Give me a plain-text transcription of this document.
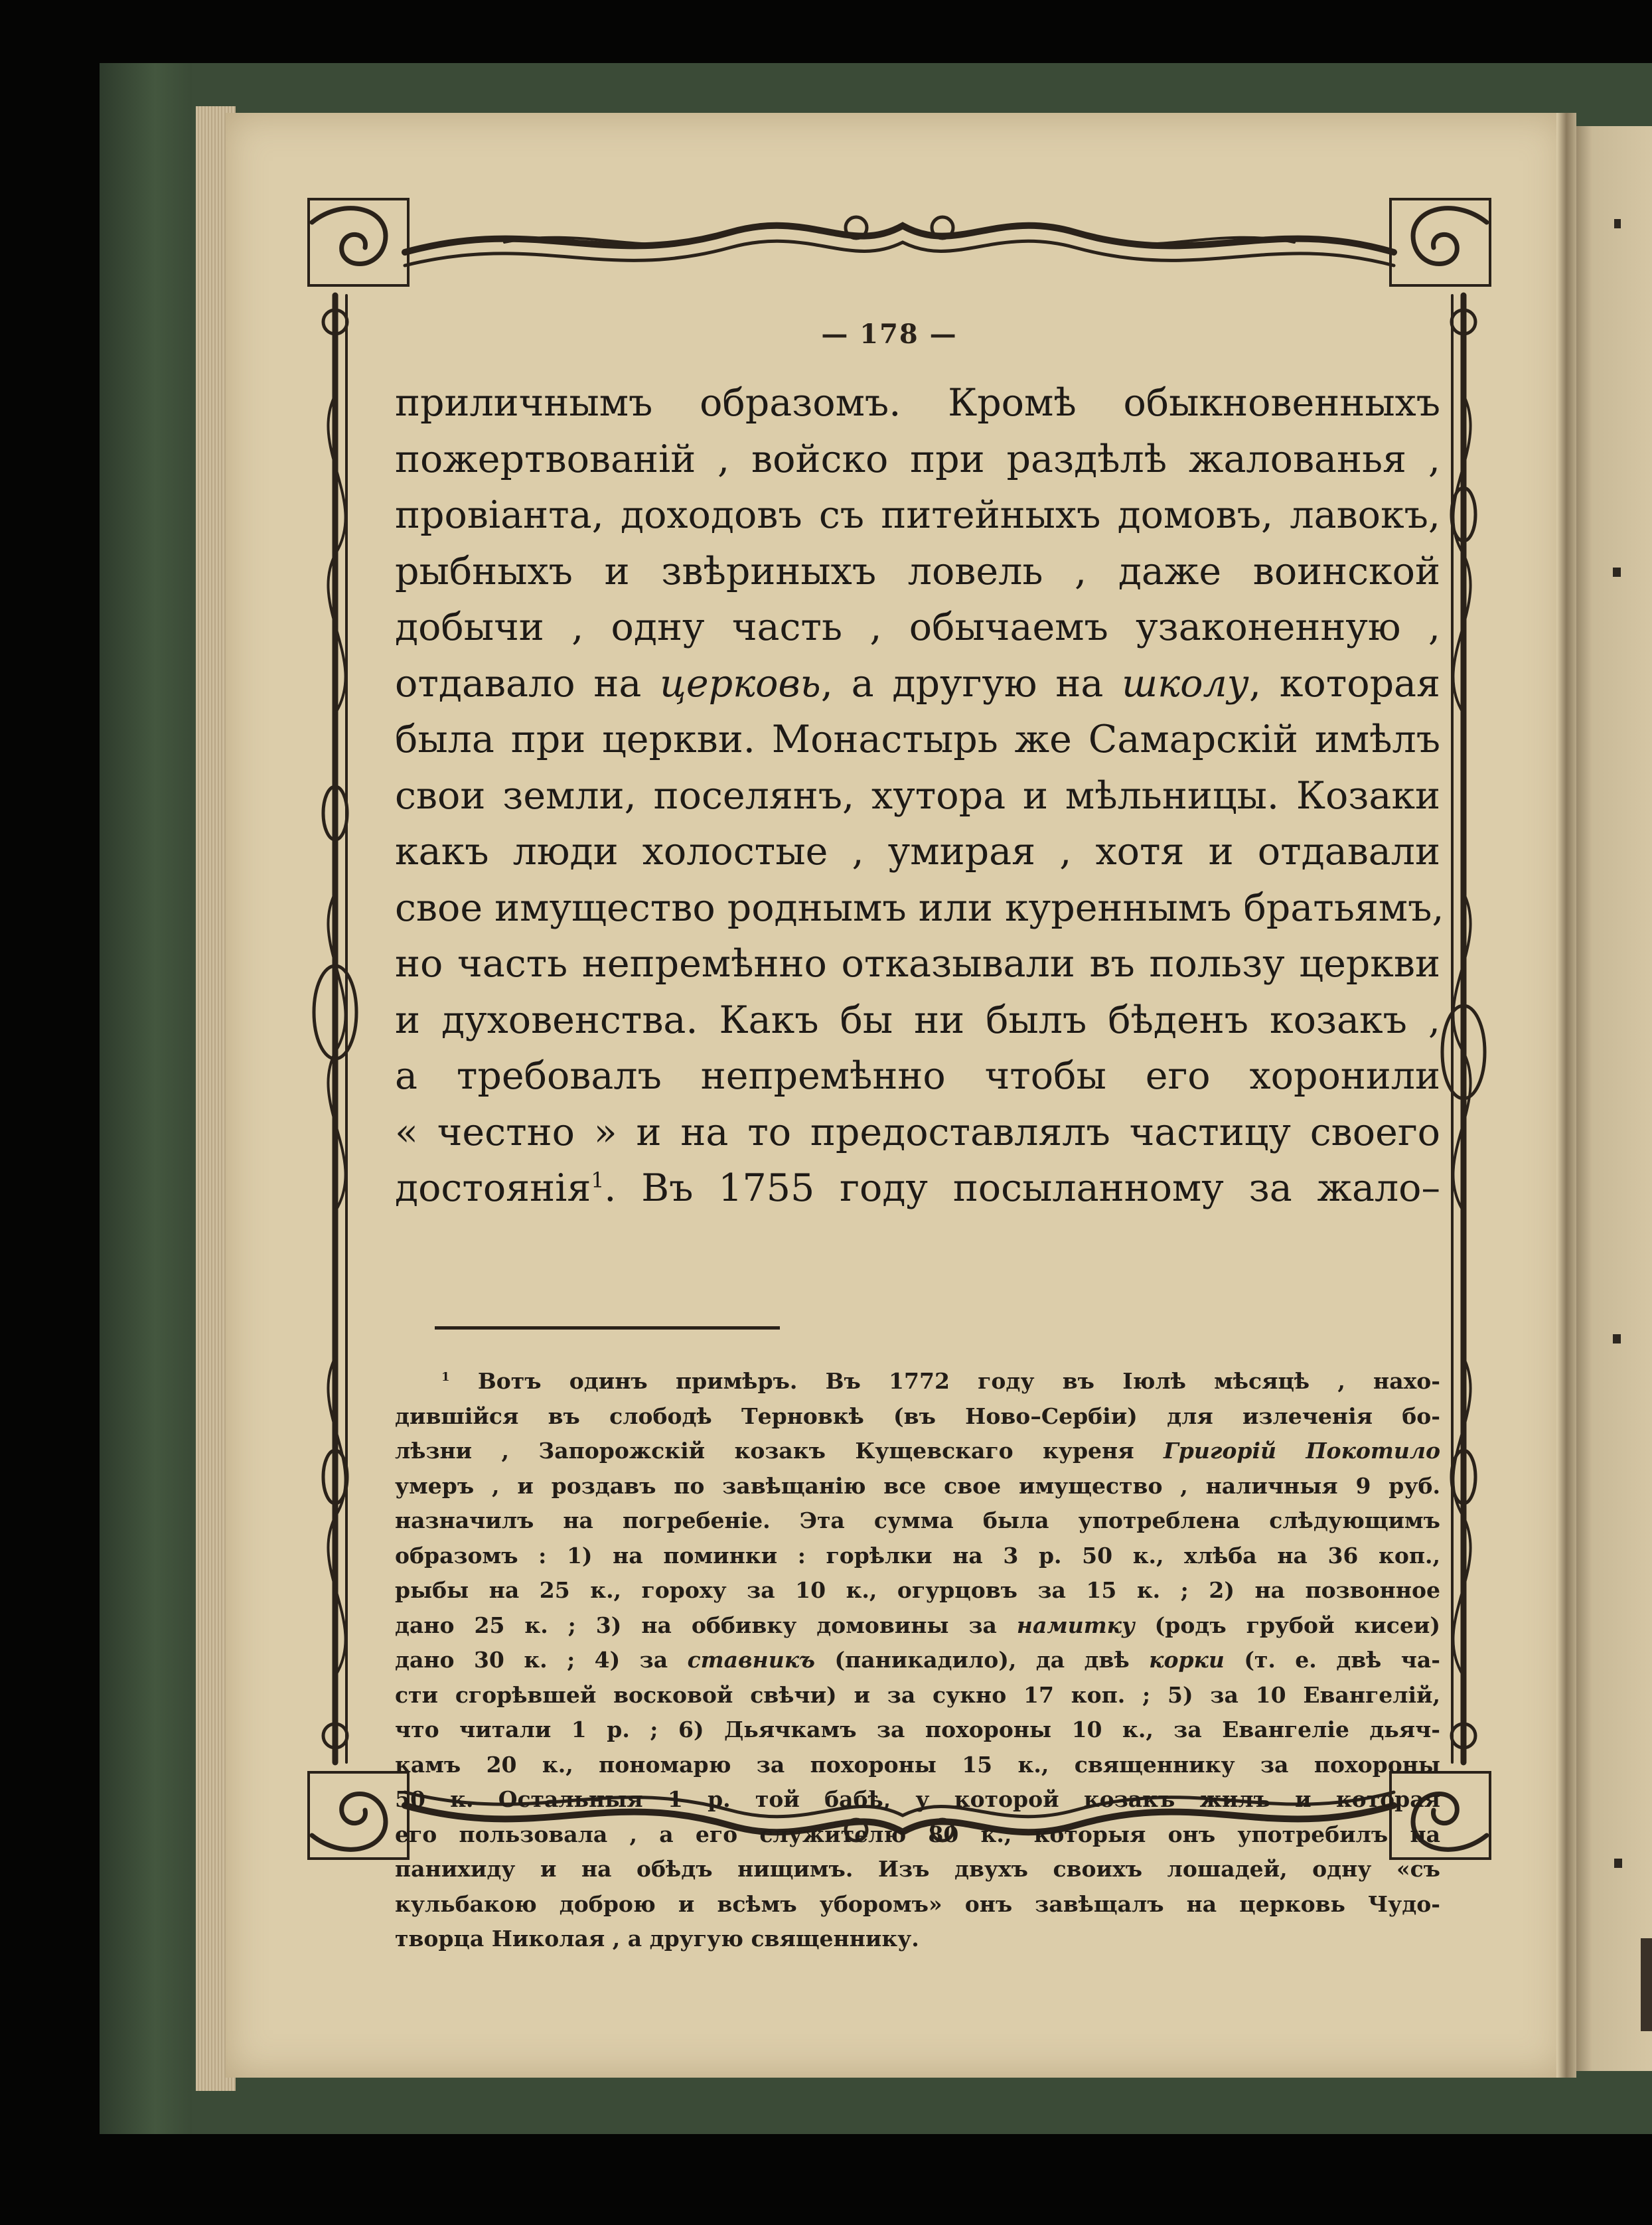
— 178 —
приличнымъ образомъ. Кромѣ обыкновенныхъ
пожертвованій , войско при раздѣлѣ жалованья ,
провіанта, доходовъ съ питейныхъ домовъ, лавокъ,
рыбныхъ и звѣриныхъ ловель , даже воинской
добычи , одну часть , обычаемъ узаконенную ,
отдавало на церковь, а другую на школу, которая
была при церкви. Монастырь же Самарскій имѣлъ
свои земли, поселянъ, хутора и мѣльницы. Козаки
какъ люди холостые , умирая , хотя и отдавали
свое имущество роднымъ или куреннымъ братьямъ,
но часть непремѣнно отказывали въ пользу церкви
и духовенства. Какъ бы ни былъ бѣденъ козакъ ,
а требовалъ непремѣнно чтобы его хоронили
« честно » и на то предоставлялъ частицу своего
достоянія$^1$. Въ 1755 году посыланному за жало–
$^1$ Вотъ одинъ примѣръ. Въ 1772 году въ Іюлѣ мѣсяцѣ , нахо-
дившійся въ слободѣ Терновкѣ (въ Ново–Сербіи) для излеченія бо-
лѣзни , Запорожскій козакъ Кущевскаго куреня Григорій Покотило
умеръ , и роздавъ по завѣщанію все свое имущество , наличныя 9 руб.
назначилъ на погребеніе. Эта сумма была употреблена слѣдующимъ
образомъ : 1) на поминки : горѣлки на 3 р. 50 к., хлѣба на 36 коп.,
рыбы на 25 к., гороху за 10 к., огурцовъ за 15 к. ; 2) на позвонное
дано 25 к. ; 3) на оббивку домовины за намитку (родъ грубой кисеи)
дано 30 к. ; 4) за ставникъ (паникадило), да двѣ корки (т. е. двѣ ча-
сти сгорѣвшей восковой свѣчи) и за сукно 17 коп. ; 5) за 10 Евангелій,
что читали 1 р. ; 6) Дьячкамъ за похороны 10 к., за Евангеліе дьяч-
камъ 20 к., пономарю за похороны 15 к., священнику за похороны
50 к. Остальныя 1 р. той бабѣ, у которой козакъ жилъ и которая
его пользовала , а его служителю 80 к., которыя онъ употребилъ на
панихиду и на обѣдъ нищимъ. Изъ двухъ своихъ лошадей, одну «съ
кульбакою доброю и всѣмъ уборомъ» онъ завѣщалъ на церковь Чудо-
творца Николая , а другую священнику.
